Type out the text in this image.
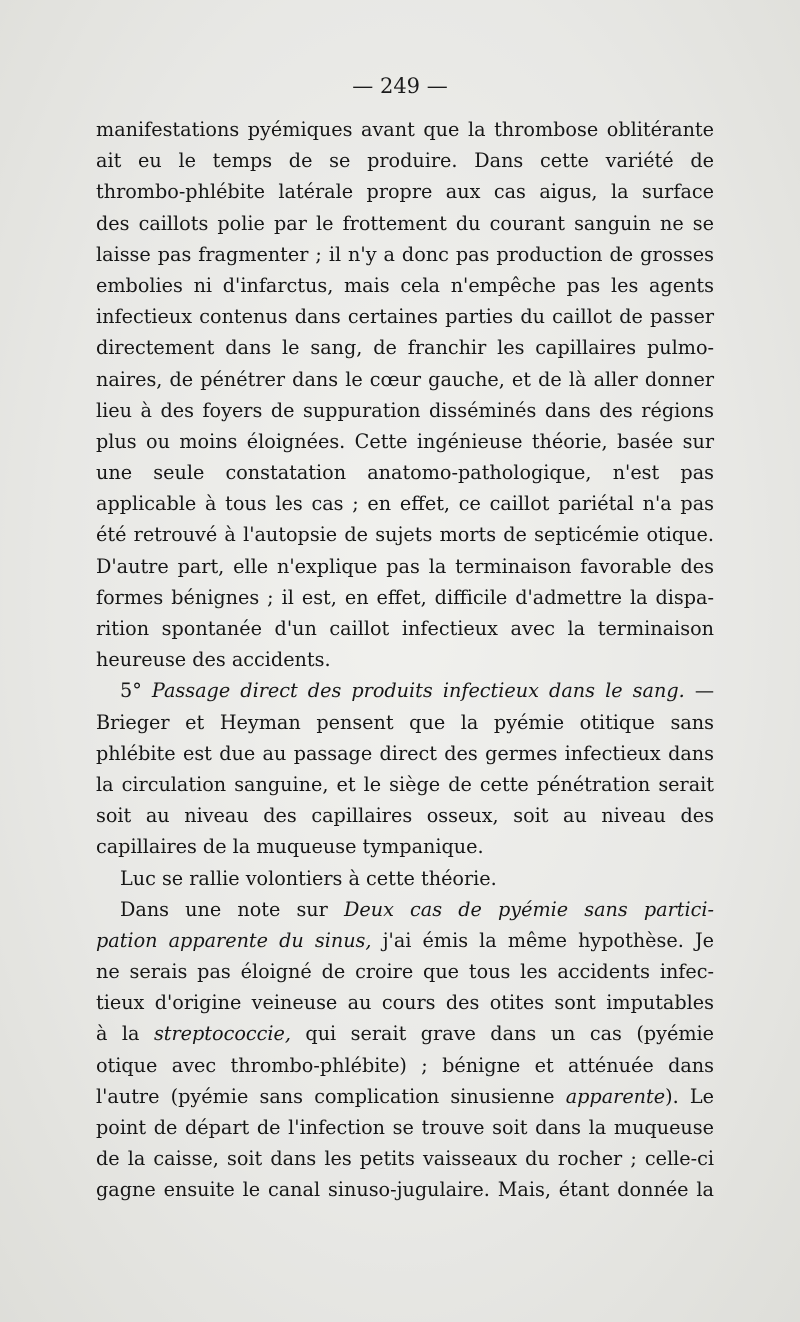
— 249 —
manifestations pyémiques avant que la thrombose oblitérante
ait eu le temps de se produire. Dans cette variété de
thrombo-phlébite latérale propre aux cas aigus, la surface
des caillots polie par le frottement du courant sanguin ne se
laisse pas fragmenter ; il n'y a donc pas production de grosses
embolies ni d'infarctus, mais cela n'empêche pas les agents
infectieux contenus dans certaines parties du caillot de passer
directement dans le sang, de franchir les capillaires pulmo-
naires, de pénétrer dans le cœur gauche, et de là aller donner
lieu à des foyers de suppuration disséminés dans des régions
plus ou moins éloignées. Cette ingénieuse théorie, basée sur
une seule constatation anatomo-pathologique, n'est pas
applicable à tous les cas ; en effet, ce caillot pariétal n'a pas
été retrouvé à l'autopsie de sujets morts de septicémie otique.
D'autre part, elle n'explique pas la terminaison favorable des
formes bénignes ; il est, en effet, difficile d'admettre la dispa-
rition spontanée d'un caillot infectieux avec la terminaison
heureuse des accidents.
5° Passage direct des produits infectieux dans le sang. —
Brieger et Heyman pensent que la pyémie otitique sans
phlébite est due au passage direct des germes infectieux dans
la circulation sanguine, et le siège de cette pénétration serait
soit au niveau des capillaires osseux, soit au niveau des
capillaires de la muqueuse tympanique.
Luc se rallie volontiers à cette théorie.
Dans une note sur Deux cas de pyémie sans partici-
pation apparente du sinus, j'ai émis la même hypothèse. Je
ne serais pas éloigné de croire que tous les accidents infec-
tieux d'origine veineuse au cours des otites sont imputables
à la streptococcie, qui serait grave dans un cas (pyémie
otique avec thrombo-phlébite) ; bénigne et atténuée dans
l'autre (pyémie sans complication sinusienne apparente). Le
point de départ de l'infection se trouve soit dans la muqueuse
de la caisse, soit dans les petits vaisseaux du rocher ; celle-ci
gagne ensuite le canal sinuso-jugulaire. Mais, étant donnée la
